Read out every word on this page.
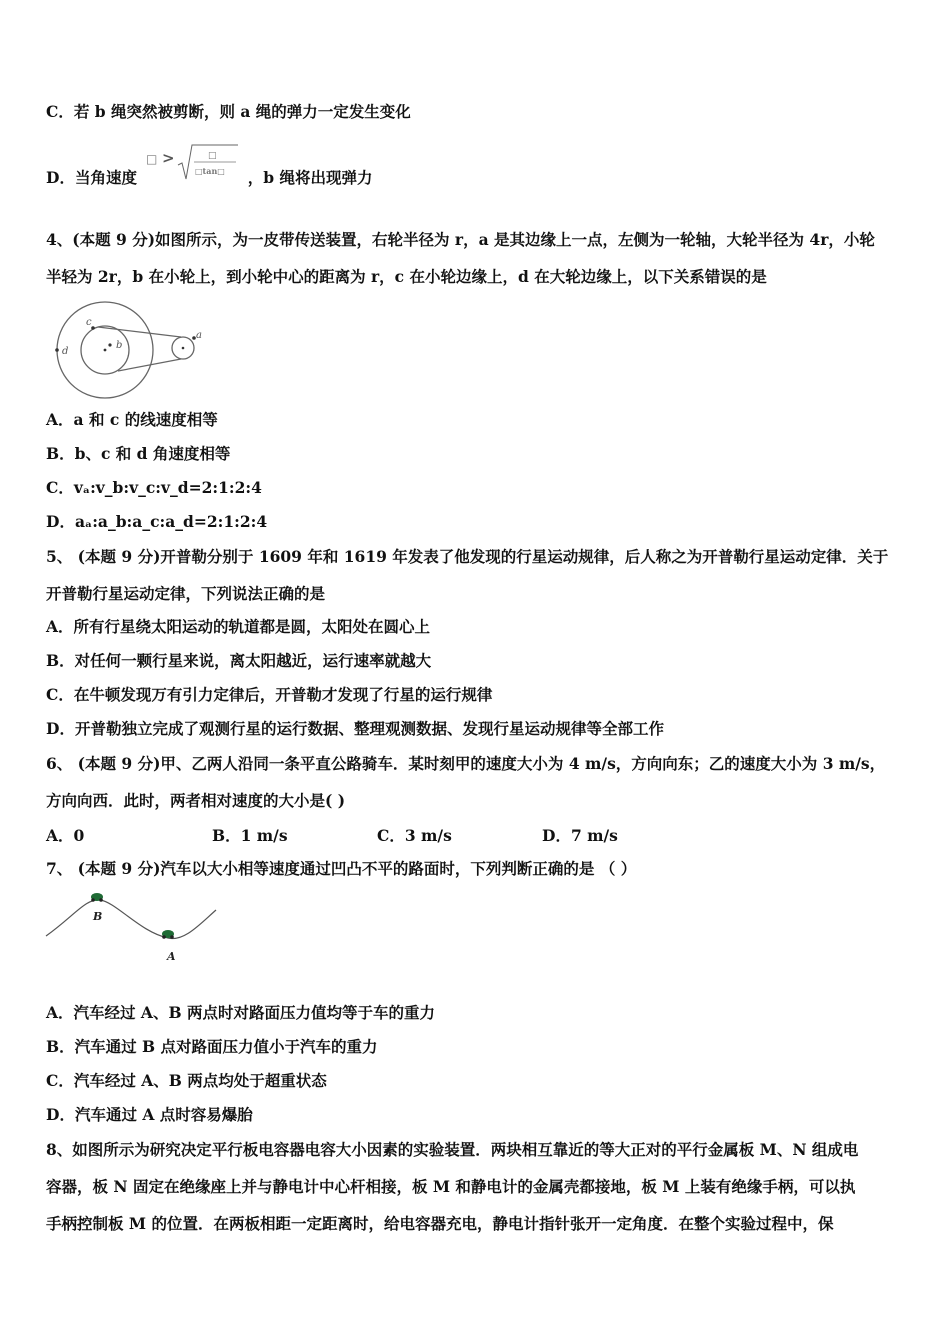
C．若 b 绳突然被剪断，则 a 绳的弹力一定发生变化
D．当角速度
□ >	□
□tan□ ，b 绳将出现弹力
4、(本题 9 分)如图所示，为一皮带传送装置，右轮半径为 r，a 是其边缘上一点，左侧为一轮轴，大轮半径为 4r，小轮
半轻为 2r，b 在小轮上，到小轮中心的距离为 r，c 在小轮边缘上，d 在大轮边缘上，以下关系错误的是
c
b
d
a
A．a 和 c 的线速度相等
B．b、c 和 d 角速度相等
C．vₐ:v_b:v_c:v_d=2:1:2:4
D．aₐ:a_b:a_c:a_d=2:1:2:4
5、 (本题 9 分)开普勒分别于 1609 年和 1619 年发表了他发现的行星运动规律，后人称之为开普勒行星运动定律．关于
开普勒行星运动定律，下列说法正确的是
A．所有行星绕太阳运动的轨道都是圆，太阳处在圆心上
B．对任何一颗行星来说，离太阳越近，运行速率就越大
C．在牛顿发现万有引力定律后，开普勒才发现了行星的运行规律
D．开普勒独立完成了观测行星的运行数据、整理观测数据、发现行星运动规律等全部工作
6、 (本题 9 分)甲、乙两人沿同一条平直公路骑车．某时刻甲的速度大小为 4 m/s，方向向东；乙的速度大小为 3 m/s，
方向向西．此时，两者相对速度的大小是( )
A．0	B．1 m/s	C．3 m/s	D．7 m/s
7、 (本题 9 分)汽车以大小相等速度通过凹凸不平的路面时，下列判断正确的是 （ ）
B
A
A．汽车经过 A、B 两点时对路面压力值均等于车的重力
B．汽车通过 B 点对路面压力值小于汽车的重力
C．汽车经过 A、B 两点均处于超重状态
D．汽车通过 A 点时容易爆胎
8、如图所示为研究决定平行板电容器电容大小因素的实验装置．两块相互靠近的等大正对的平行金属板 M、N 组成电
容器，板 N 固定在绝缘座上并与静电计中心杆相接，板 M 和静电计的金属壳都接地，板 M 上装有绝缘手柄，可以执
手柄控制板 M 的位置．在两板相距一定距离时，给电容器充电，静电计指针张开一定角度．在整个实验过程中，保
